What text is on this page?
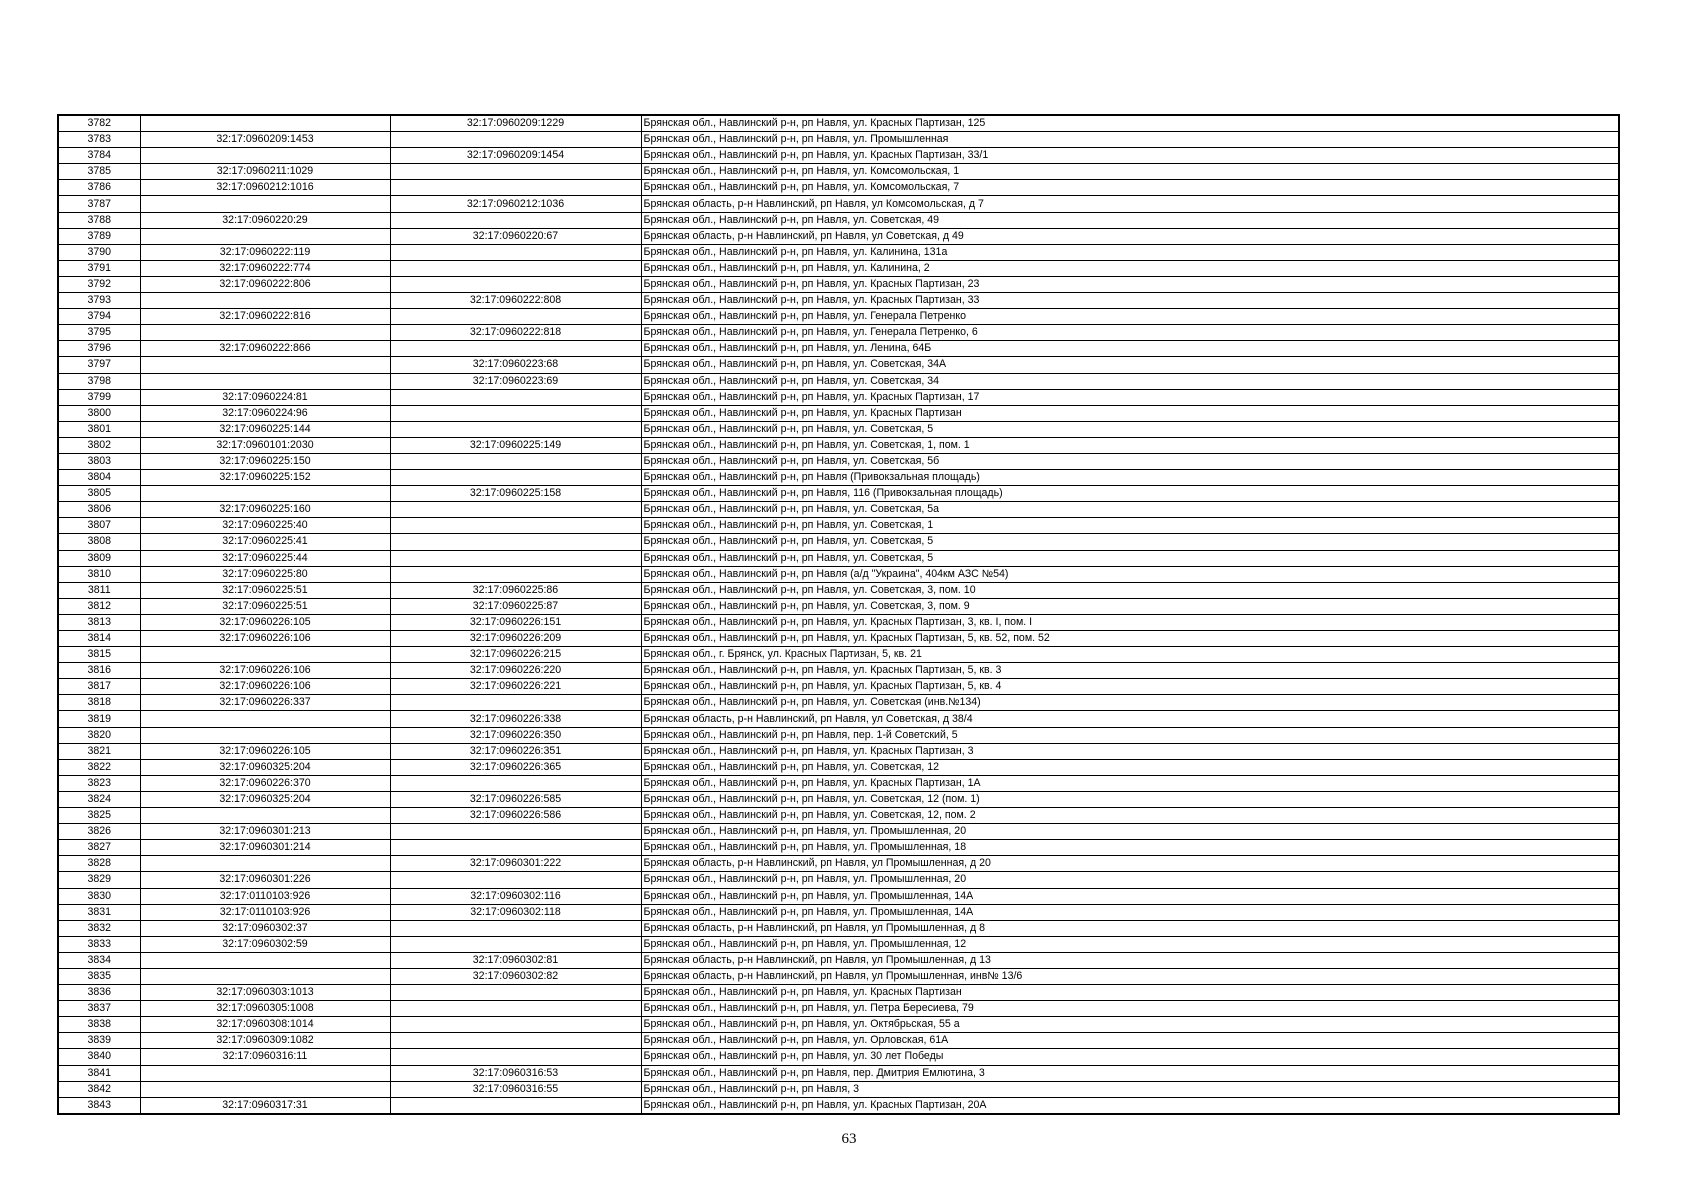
3782		32:17:0960209:1229	Брянская обл., Навлинский р-н, рп Навля, ул. Красных Партизан, 125
3783	32:17:0960209:1453		Брянская обл., Навлинский р-н, рп Навля, ул. Промышленная
3784		32:17:0960209:1454	Брянская обл., Навлинский р-н, рп Навля, ул. Красных Партизан, 33/1
3785	32:17:0960211:1029		Брянская обл., Навлинский р-н, рп Навля, ул. Комсомольская, 1
3786	32:17:0960212:1016		Брянская обл., Навлинский р-н, рп Навля, ул. Комсомольская, 7
3787		32:17:0960212:1036	Брянская область, р-н Навлинский, рп Навля, ул Комсомольская, д 7
3788	32:17:0960220:29		Брянская обл., Навлинский р-н, рп Навля, ул. Советская, 49
3789		32:17:0960220:67	Брянская область, р-н Навлинский, рп Навля, ул Советская, д 49
3790	32:17:0960222:119		Брянская обл., Навлинский р-н, рп Навля, ул. Калинина, 131а
3791	32:17:0960222:774		Брянская обл., Навлинский р-н, рп Навля, ул. Калинина, 2
3792	32:17:0960222:806		Брянская обл., Навлинский р-н, рп Навля, ул. Красных Партизан, 23
3793		32:17:0960222:808	Брянская обл., Навлинский р-н, рп Навля, ул. Красных Партизан, 33
3794	32:17:0960222:816		Брянская обл., Навлинский р-н, рп Навля, ул. Генерала Петренко
3795		32:17:0960222:818	Брянская обл., Навлинский р-н, рп Навля, ул. Генерала Петренко, 6
3796	32:17:0960222:866		Брянская обл., Навлинский р-н, рп Навля, ул. Ленина, 64Б
3797		32:17:0960223:68	Брянская обл., Навлинский р-н, рп Навля, ул. Советская, 34А
3798		32:17:0960223:69	Брянская обл., Навлинский р-н, рп Навля, ул. Советская, 34
3799	32:17:0960224:81		Брянская обл., Навлинский р-н, рп Навля, ул. Красных Партизан, 17
3800	32:17:0960224:96		Брянская обл., Навлинский р-н, рп Навля, ул. Красных Партизан
3801	32:17:0960225:144		Брянская обл., Навлинский р-н, рп Навля, ул. Советская, 5
3802	32:17:0960101:2030	32:17:0960225:149	Брянская обл., Навлинский р-н, рп Навля, ул. Советская, 1, пом. 1
3803	32:17:0960225:150		Брянская обл., Навлинский р-н, рп Навля, ул. Советская, 5б
3804	32:17:0960225:152		Брянская обл., Навлинский р-н, рп Навля (Привокзальная площадь)
3805		32:17:0960225:158	Брянская обл., Навлинский р-н, рп Навля, 116 (Привокзальная площадь)
3806	32:17:0960225:160		Брянская обл., Навлинский р-н, рп Навля, ул. Советская, 5а
3807	32:17:0960225:40		Брянская обл., Навлинский р-н, рп Навля, ул. Советская, 1
3808	32:17:0960225:41		Брянская обл., Навлинский р-н, рп Навля, ул. Советская, 5
3809	32:17:0960225:44		Брянская обл., Навлинский р-н, рп Навля, ул. Советская, 5
3810	32:17:0960225:80		Брянская обл., Навлинский р-н, рп Навля (а/д "Украина", 404км АЗС №54)
3811	32:17:0960225:51	32:17:0960225:86	Брянская обл., Навлинский р-н, рп Навля, ул. Советская, 3, пом. 10
3812	32:17:0960225:51	32:17:0960225:87	Брянская обл., Навлинский р-н, рп Навля, ул. Советская, 3, пом. 9
3813	32:17:0960226:105	32:17:0960226:151	Брянская обл., Навлинский р-н, рп Навля, ул. Красных Партизан, 3, кв. I, пом. I
3814	32:17:0960226:106	32:17:0960226:209	Брянская обл., Навлинский р-н, рп Навля, ул. Красных Партизан, 5, кв. 52, пом. 52
3815		32:17:0960226:215	Брянская обл., г. Брянск, ул. Красных Партизан, 5, кв. 21
3816	32:17:0960226:106	32:17:0960226:220	Брянская обл., Навлинский р-н, рп Навля, ул. Красных Партизан, 5, кв. 3
3817	32:17:0960226:106	32:17:0960226:221	Брянская обл., Навлинский р-н, рп Навля, ул. Красных Партизан, 5, кв. 4
3818	32:17:0960226:337		Брянская обл., Навлинский р-н, рп Навля, ул. Советская (инв.№134)
3819		32:17:0960226:338	Брянская область, р-н Навлинский, рп Навля, ул Советская, д 38/4
3820		32:17:0960226:350	Брянская обл., Навлинский р-н, рп Навля, пер. 1-й Советский, 5
3821	32:17:0960226:105	32:17:0960226:351	Брянская обл., Навлинский р-н, рп Навля, ул. Красных Партизан, 3
3822	32:17:0960325:204	32:17:0960226:365	Брянская обл., Навлинский р-н, рп Навля, ул. Советская, 12
3823	32:17:0960226:370		Брянская обл., Навлинский р-н, рп Навля, ул. Красных Партизан, 1А
3824	32:17:0960325:204	32:17:0960226:585	Брянская обл., Навлинский р-н, рп Навля, ул. Советская, 12 (пом. 1)
3825		32:17:0960226:586	Брянская обл., Навлинский р-н, рп Навля, ул. Советская, 12, пом. 2
3826	32:17:0960301:213		Брянская обл., Навлинский р-н, рп Навля, ул. Промышленная, 20
3827	32:17:0960301:214		Брянская обл., Навлинский р-н, рп Навля, ул. Промышленная, 18
3828		32:17:0960301:222	Брянская область, р-н Навлинский, рп Навля, ул Промышленная, д 20
3829	32:17:0960301:226		Брянская обл., Навлинский р-н, рп Навля, ул. Промышленная, 20
3830	32:17:0110103:926	32:17:0960302:116	Брянская обл., Навлинский р-н, рп Навля, ул. Промышленная, 14А
3831	32:17:0110103:926	32:17:0960302:118	Брянская обл., Навлинский р-н, рп Навля, ул. Промышленная, 14А
3832	32:17:0960302:37		Брянская область, р-н Навлинский, рп Навля, ул Промышленная, д 8
3833	32:17:0960302:59		Брянская обл., Навлинский р-н, рп Навля, ул. Промышленная, 12
3834		32:17:0960302:81	Брянская область, р-н Навлинский, рп Навля, ул Промышленная, д 13
3835		32:17:0960302:82	Брянская область, р-н Навлинский, рп Навля, ул Промышленная, инв№ 13/6
3836	32:17:0960303:1013		Брянская обл., Навлинский р-н, рп Навля, ул. Красных Партизан
3837	32:17:0960305:1008		Брянская обл., Навлинский р-н, рп Навля, ул. Петра Бересиева, 79
3838	32:17:0960308:1014		Брянская обл., Навлинский р-н, рп Навля, ул. Октябрьская, 55 а
3839	32:17:0960309:1082		Брянская обл., Навлинский р-н, рп Навля, ул. Орловская, 61А
3840	32:17:0960316:11		Брянская обл., Навлинский р-н, рп Навля, ул. 30 лет Победы
3841		32:17:0960316:53	Брянская обл., Навлинский р-н, рп Навля, пер. Дмитрия Емлютина, 3
3842		32:17:0960316:55	Брянская обл., Навлинский р-н, рп Навля, 3
3843	32:17:0960317:31		Брянская обл., Навлинский р-н, рп Навля, ул. Красных Партизан, 20А
63
